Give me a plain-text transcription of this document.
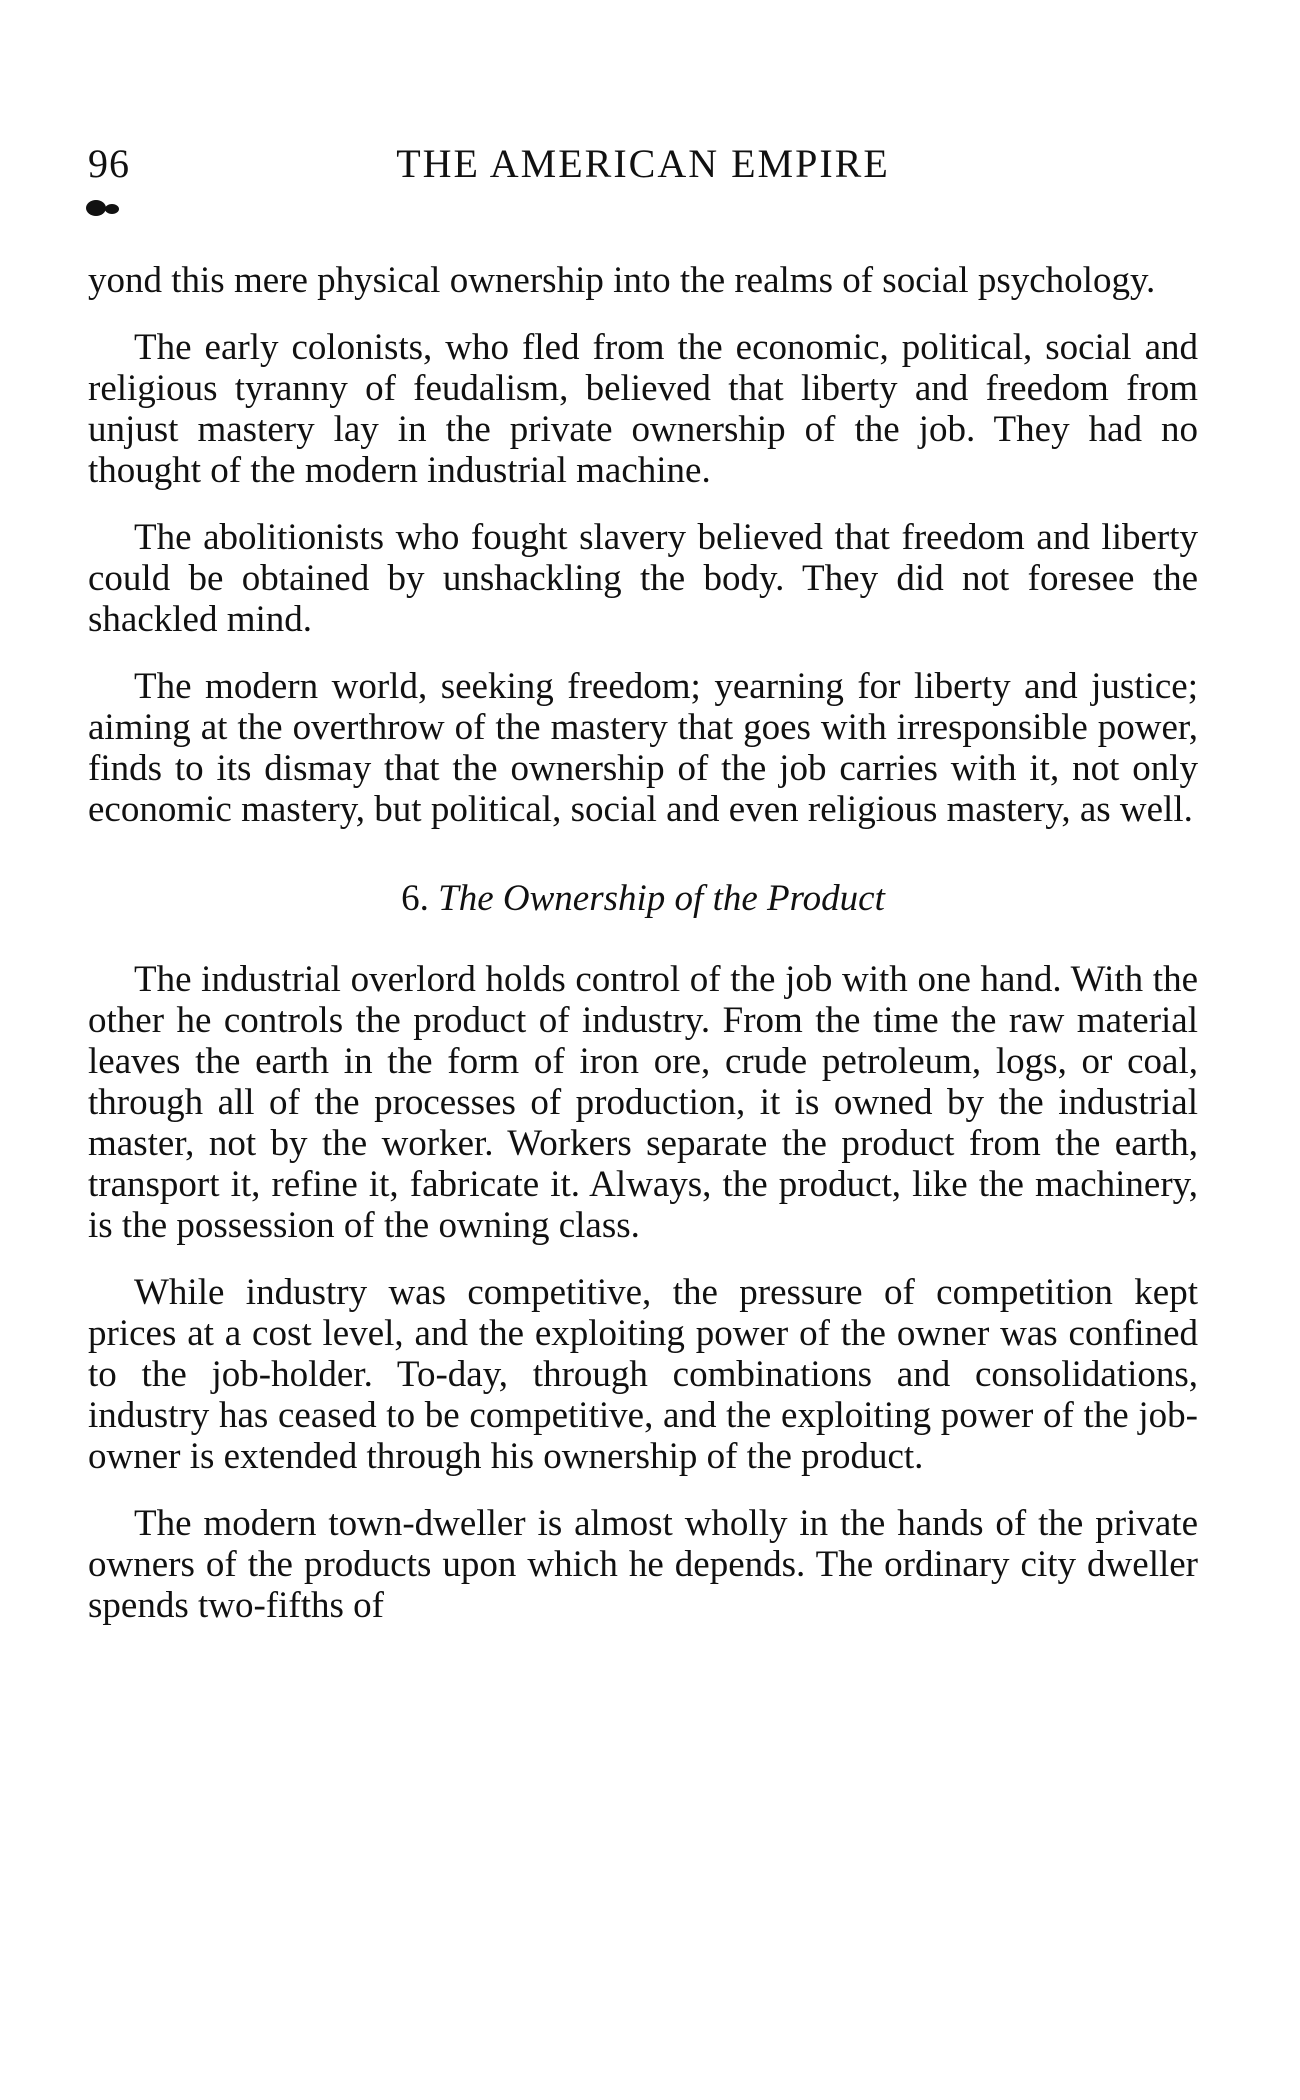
96	THE AMERICAN EMPIRE

yond this mere physical ownership into the realms of social psychology.

The early colonists, who fled from the economic, political, social and religious tyranny of feudalism, believed that liberty and freedom from unjust mastery lay in the private ownership of the job. They had no thought of the modern industrial machine.

The abolitionists who fought slavery believed that freedom and liberty could be obtained by unshackling the body. They did not foresee the shackled mind.

The modern world, seeking freedom; yearning for liberty and justice; aiming at the overthrow of the mastery that goes with irresponsible power, finds to its dismay that the ownership of the job carries with it, not only economic mastery, but political, social and even religious mastery, as well.

6. The Ownership of the Product

The industrial overlord holds control of the job with one hand. With the other he controls the product of industry. From the time the raw material leaves the earth in the form of iron ore, crude petroleum, logs, or coal, through all of the processes of production, it is owned by the industrial master, not by the worker. Workers separate the product from the earth, transport it, refine it, fabricate it. Always, the product, like the machinery, is the possession of the owning class.

While industry was competitive, the pressure of competition kept prices at a cost level, and the exploiting power of the owner was confined to the job-holder. To-day, through combinations and consolidations, industry has ceased to be competitive, and the exploiting power of the job-owner is extended through his ownership of the product.

The modern town-dweller is almost wholly in the hands of the private owners of the products upon which he depends. The ordinary city dweller spends two-fifths of
